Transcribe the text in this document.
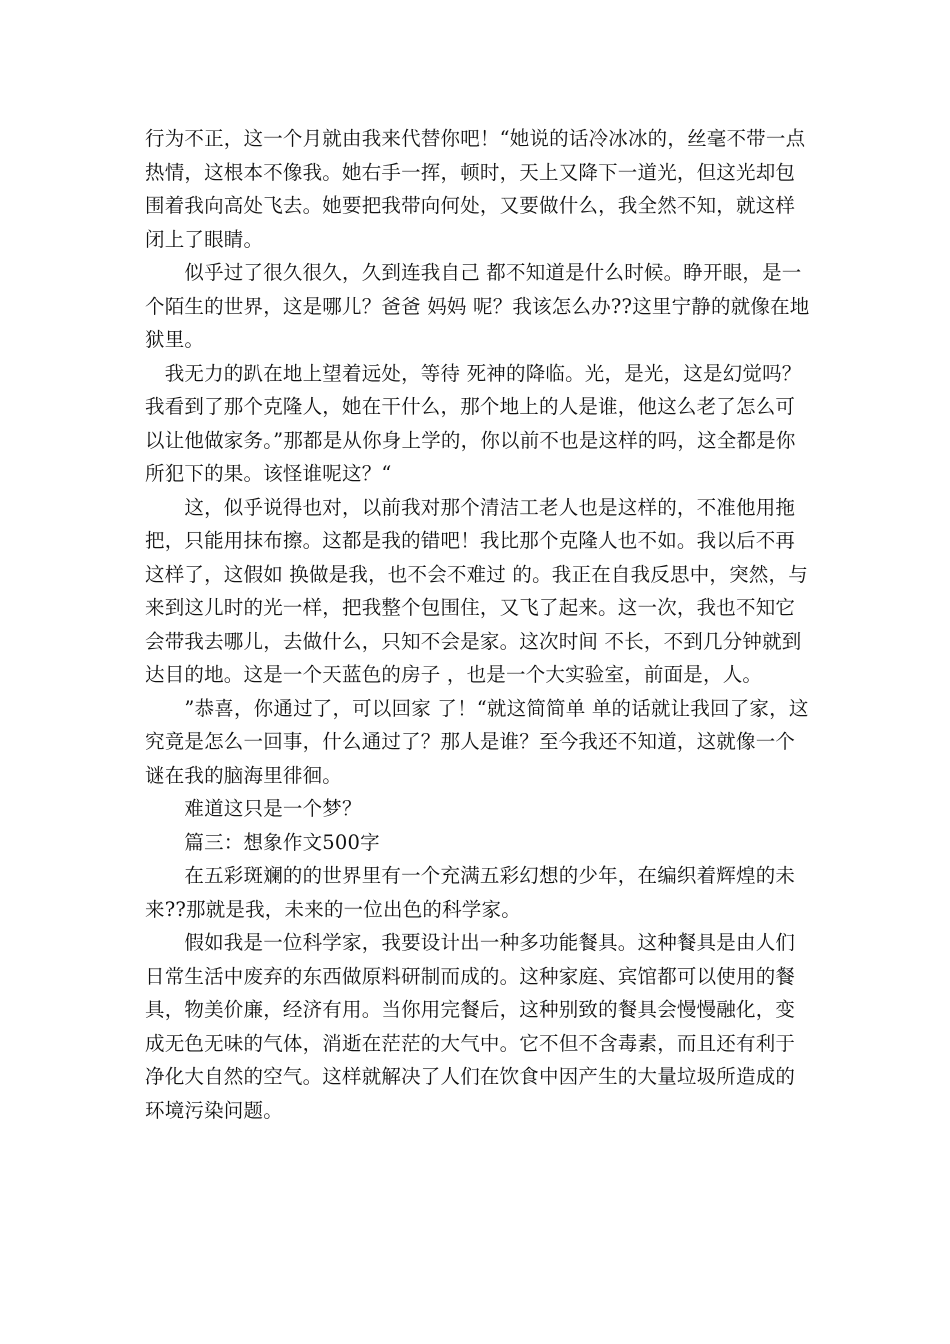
行为不正，这一个月就由我来代替你吧！“她说的话冷冰冰的，丝毫不带一点热情，这根本不像我。她右手一挥，顿时，天上又降下一道光，但这光却包围着我向高处飞去。她要把我带向何处，又要做什么，我全然不知，就这样闭上了眼睛。

　　似乎过了很久很久，久到连我自己 都不知道是什么时候。睁开眼，是一个陌生的世界，这是哪儿？爸爸 妈妈 呢？我该怎么办??这里宁静的就像在地狱里。

　我无力的趴在地上望着远处，等待 死神的降临。光，是光，这是幻觉吗？我看到了那个克隆人，她在干什么，那个地上的人是谁，他这么老了怎么可以让他做家务。”那都是从你身上学的，你以前不也是这样的吗，这全都是你所犯下的果。该怪谁呢这？“

　　这，似乎说得也对，以前我对那个清洁工老人也是这样的，不准他用拖把，只能用抹布擦。这都是我的错吧！我比那个克隆人也不如。我以后不再这样了，这假如 换做是我，也不会不难过 的。我正在自我反思中，突然，与来到这儿时的光一样，把我整个包围住，又飞了起来。这一次，我也不知它会带我去哪儿，去做什么，只知不会是家。这次时间 不长，不到几分钟就到达目的地。这是一个天蓝色的房子 ，也是一个大实验室，前面是，人。

　　”恭喜，你通过了，可以回家 了！“就这简简单 单的话就让我回了家，这究竟是怎么一回事，什么通过了？那人是谁？至今我还不知道，这就像一个谜在我的脑海里徘徊。

　　难道这只是一个梦？

　　篇三：想象作文500字

　　在五彩斑斓的的世界里有一个充满五彩幻想的少年，在编织着辉煌的未来??那就是我，未来的一位出色的科学家。

　　假如我是一位科学家，我要设计出一种多功能餐具。这种餐具是由人们日常生活中废弃的东西做原料研制而成的。这种家庭、宾馆都可以使用的餐具，物美价廉，经济有用。当你用完餐后，这种别致的餐具会慢慢融化，变成无色无味的气体，消逝在茫茫的大气中。它不但不含毒素，而且还有利于净化大自然的空气。这样就解决了人们在饮食中因产生的大量垃圾所造成的环境污染问题。
